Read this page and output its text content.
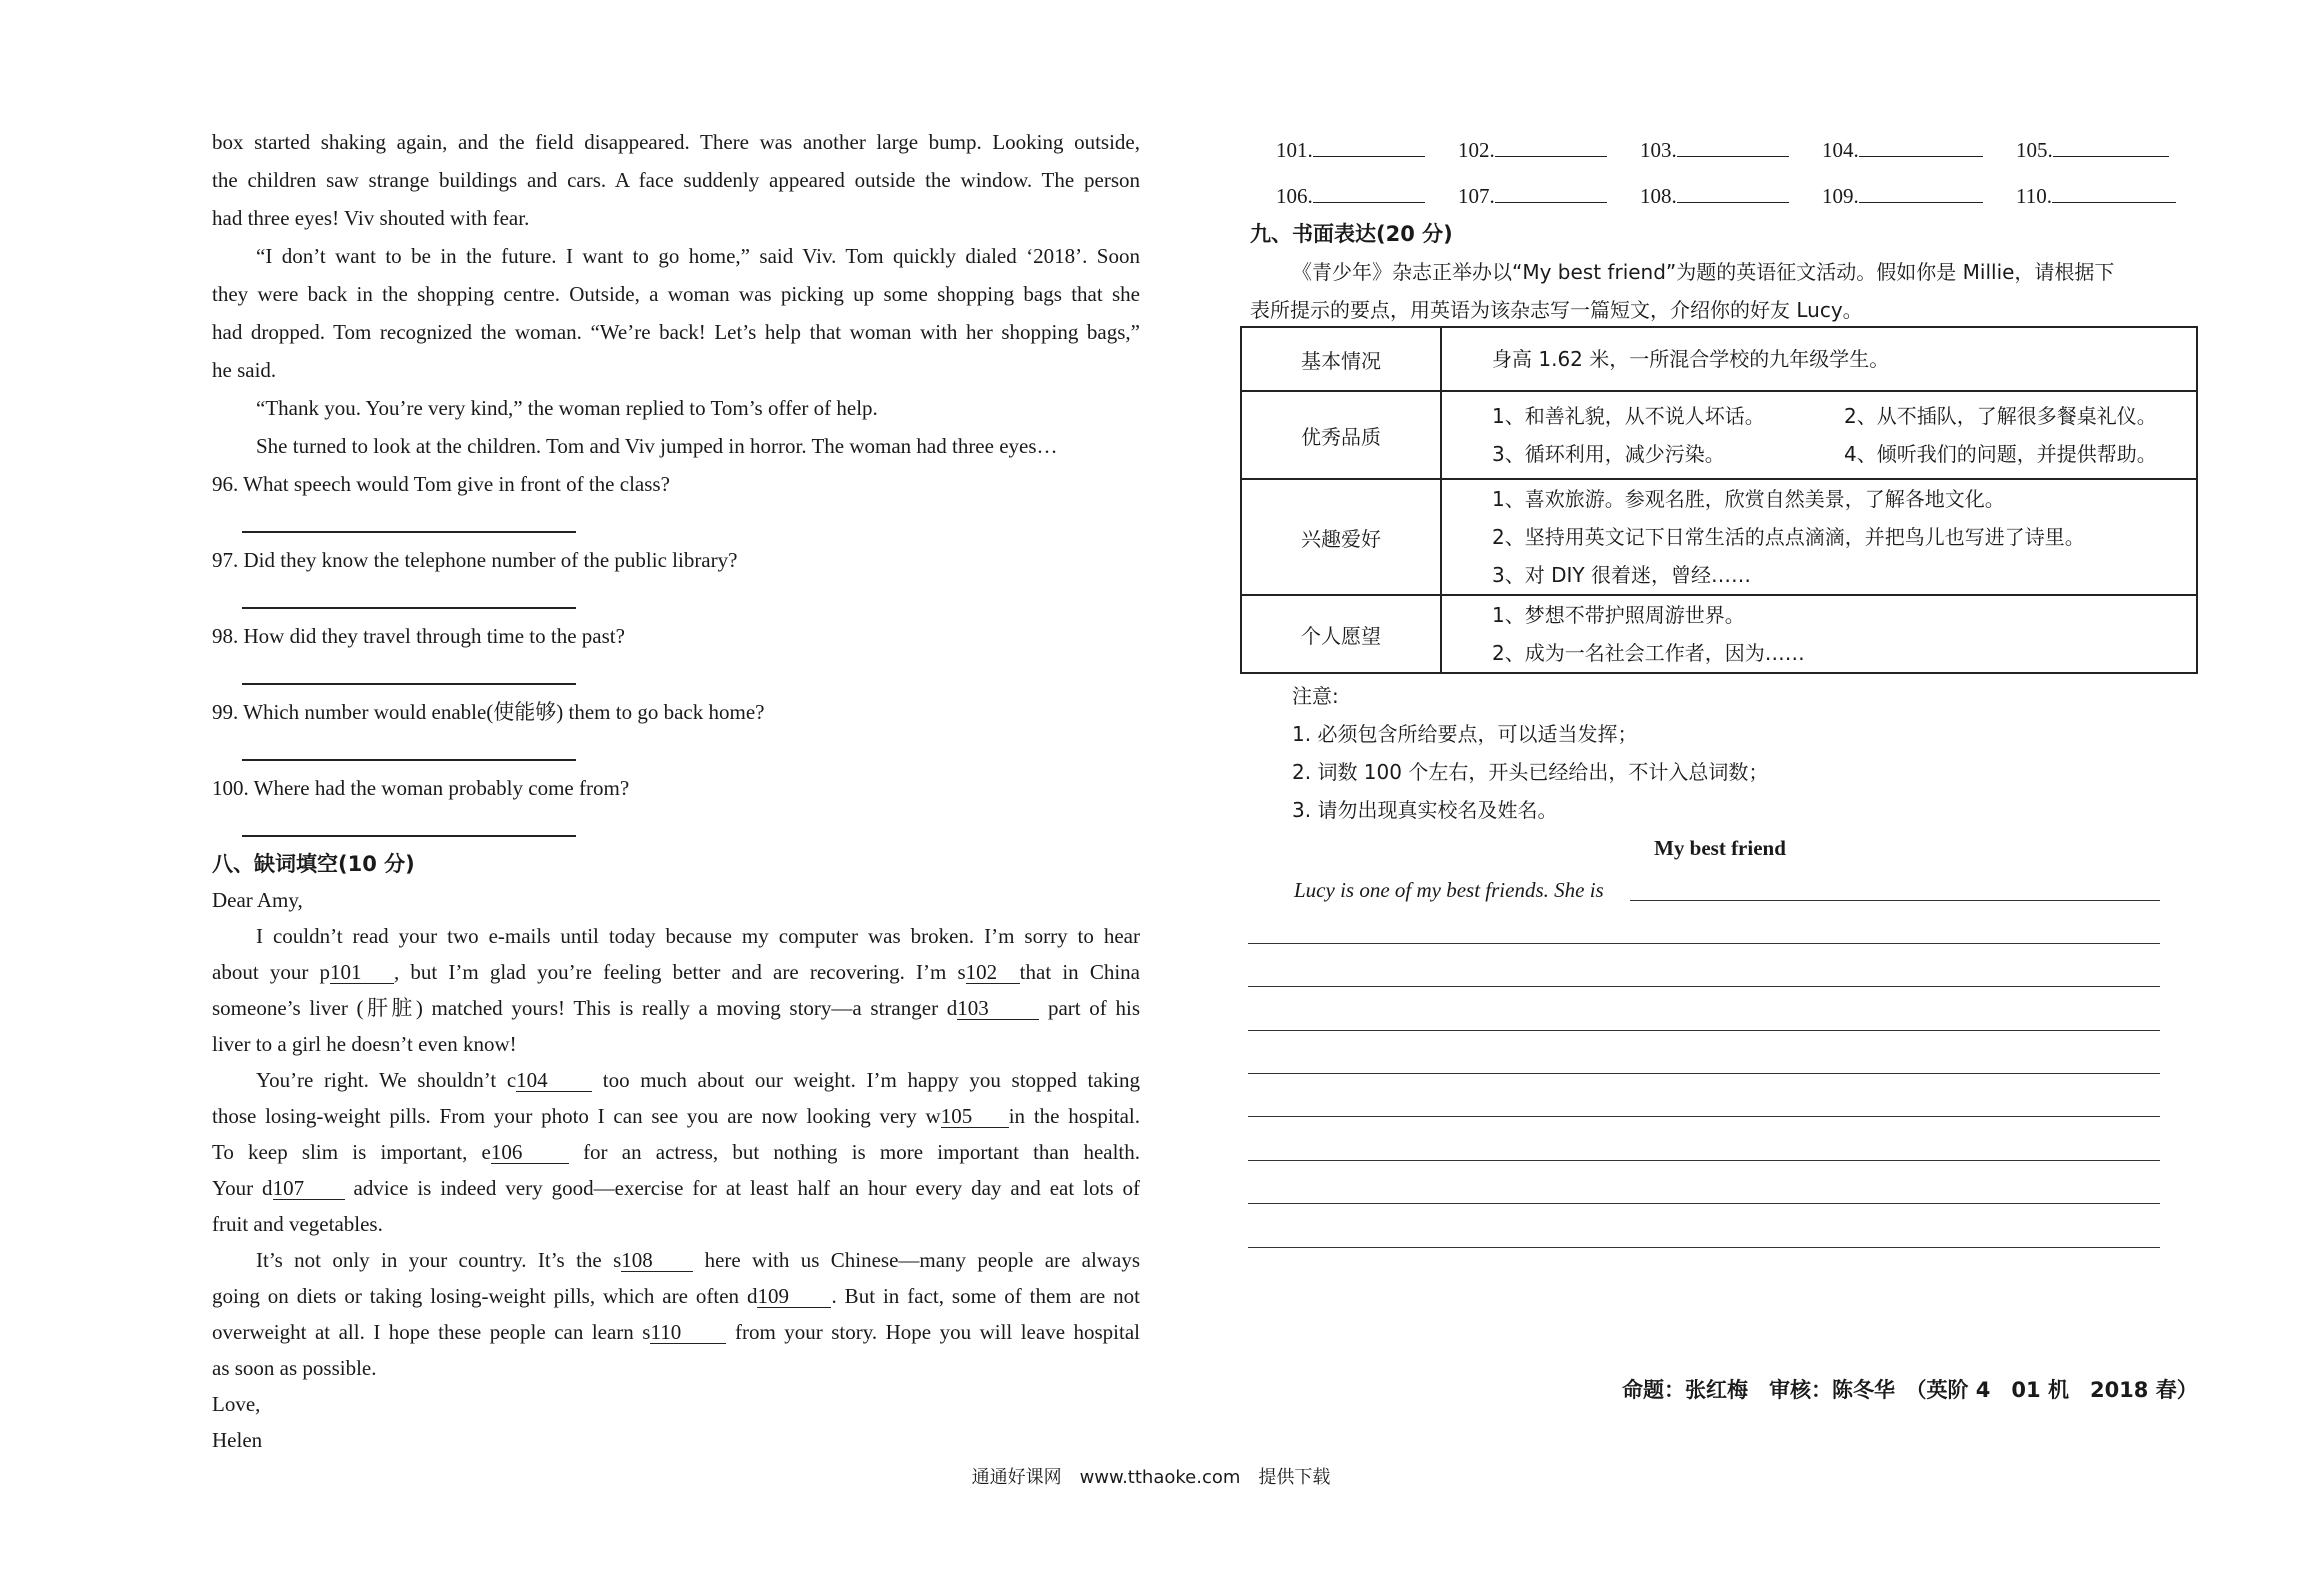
box started shaking again, and the field disappeared. There was another large bump. Looking outside,
the children saw strange buildings and cars. A face suddenly appeared outside the window. The person
had three eyes! Viv shouted with fear.
“I don’t want to be in the future. I want to go home,” said Viv. Tom quickly dialed ‘2018’. Soon
they were back in the shopping centre. Outside, a woman was picking up some shopping bags that she
had dropped. Tom recognized the woman. “We’re back! Let’s help that woman with her shopping bags,”
he said.
“Thank you. You’re very kind,” the woman replied to Tom’s offer of help.
She turned to look at the children. Tom and Viv jumped in horror. The woman had three eyes…
96. What speech would Tom give in front of the class?
97. Did they know the telephone number of the public library?
98. How did they travel through time to the past?
99. Which number would enable(使能够) them to go back home?
100. Where had the woman probably come from?
八、缺词填空(10 分)
Dear Amy,
I couldn’t read your two e-mails until today because my computer was broken. I’m sorry to hear
about your p101 , but I’m glad you’re feeling better and are recovering. I’m s102 that in China
someone’s liver (肝脏) matched yours! This is really a moving story—a stranger d103 part of his
liver to a girl he doesn’t even know!
You’re right. We shouldn’t c104 too much about our weight. I’m happy you stopped taking
those losing-weight pills. From your photo I can see you are now looking very w105 in the hospital.
To keep slim is important, e106 for an actress, but nothing is more important than health.
Your d107 advice is indeed very good—exercise for at least half an hour every day and eat lots of
fruit and vegetables.
It’s not only in your country. It’s the s108 here with us Chinese—many people are always
going on diets or taking losing-weight pills, which are often d109 . But in fact, some of them are not
overweight at all. I hope these people can learn s110 from your story. Hope you will leave hospital
as soon as possible.
Love,
Helen
101.	102.	103.	104.	105.
106.	107.	108.	109.	110.
九、书面表达(20 分)
《青少年》杂志正举办以“My best friend”为题的英语征文活动。假如你是 Millie，请根据下
表所提示的要点，用英语为该杂志写一篇短文，介绍你的好友 Lucy。
基本情况	身高 1.62 米，一所混合学校的九年级学生。

优秀品质	1、和善礼貌，从不说人坏话。 2、从不插队，了解很多餐桌礼仪。
3、循环利用，减少污染。 4、倾听我们的问题，并提供帮助。

兴趣爱好	1、喜欢旅游。参观名胜，欣赏自然美景，了解各地文化。
2、坚持用英文记下日常生活的点点滴滴，并把鸟儿也写进了诗里。
3、对 DIY 很着迷，曾经……

个人愿望	1、梦想不带护照周游世界。
2、成为一名社会工作者，因为……
注意:
1. 必须包含所给要点，可以适当发挥；
2. 词数 100 个左右，开头已经给出，不计入总词数；
3. 请勿出现真实校名及姓名。
My best friend
Lucy is one of my best friends. She is
命题：张红梅　审核：陈冬华　（英阶 4　01 机　2018 春）
通通好课网　www.tthaoke.com　提供下载
